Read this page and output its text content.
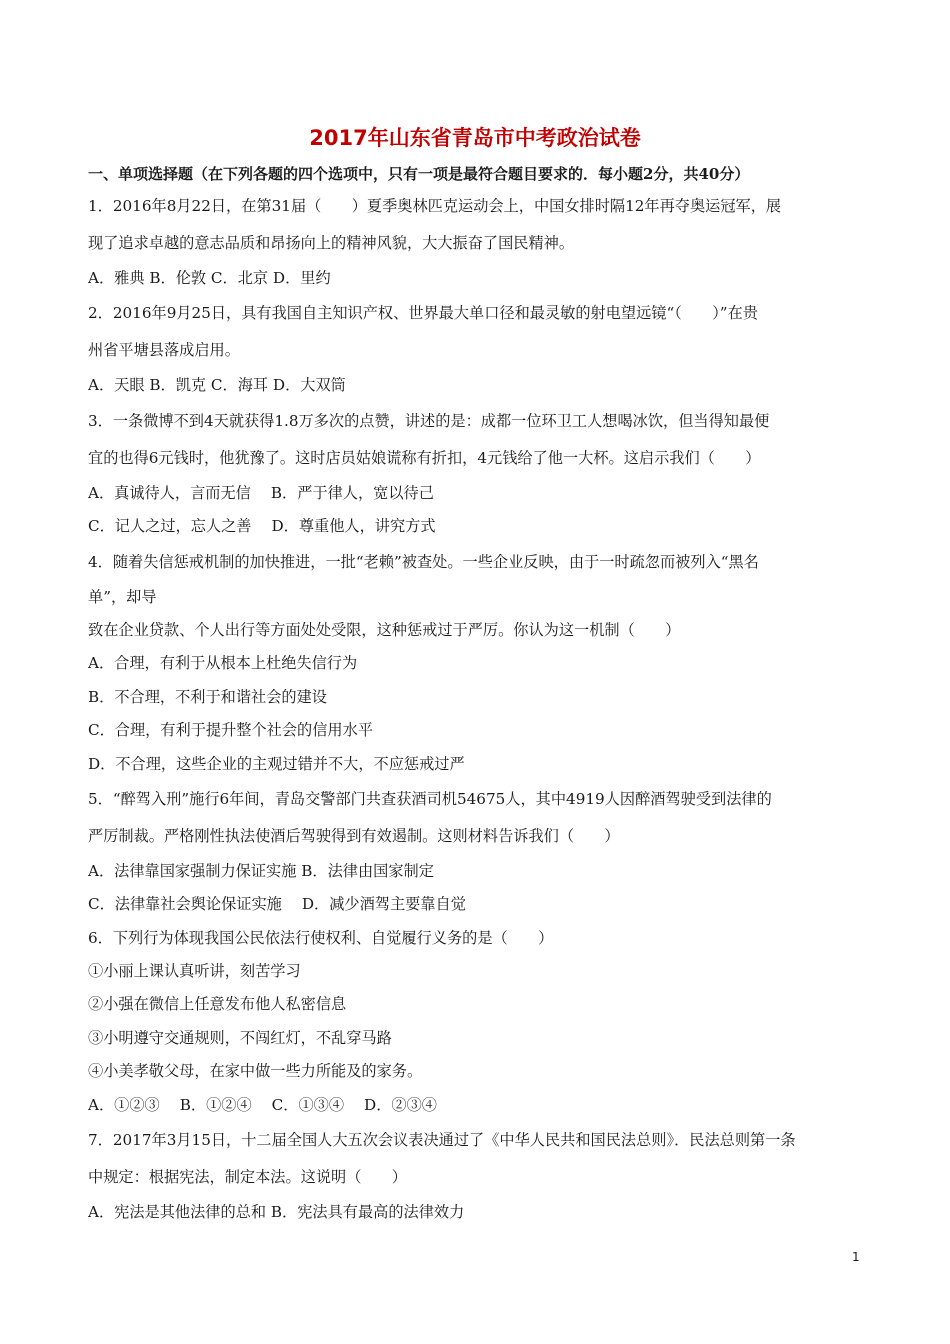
2017年山东省青岛市中考政治试卷
一、单项选择题（在下列各题的四个选项中，只有一项是最符合题目要求的．每小题2分，共40分）
1．2016年8月22日，在第31届（　　）夏季奥林匹克运动会上，中国女排时隔12年再夺奥运冠军，展
现了追求卓越的意志品质和昂扬向上的精神风貌，大大振奋了国民精神。
A．雅典 B．伦敦 C．北京 D．里约
2．2016年9月25日，具有我国自主知识产权、世界最大单口径和最灵敏的射电望远镜“（　　）”在贵
州省平塘县落成启用。
A．天眼 B．凯克 C．海耳 D．大双筒
3．一条微博不到4天就获得1.8万多次的点赞，讲述的是：成都一位环卫工人想喝冰饮，但当得知最便
宜的也得6元钱时，他犹豫了。这时店员姑娘谎称有折扣，4元钱给了他一大杯。这启示我们（　　）
A．真诚待人，言而无信　 B．严于律人，宽以待己
C．记人之过，忘人之善　 D．尊重他人，讲究方式
4．随着失信惩戒机制的加快推进，一批“老赖”被查处。一些企业反映，由于一时疏忽而被列入“黑名
单”，却导
致在企业贷款、个人出行等方面处处受限，这种惩戒过于严厉。你认为这一机制（　　）
A．合理，有利于从根本上杜绝失信行为
B．不合理，不利于和谐社会的建设
C．合理，有利于提升整个社会的信用水平
D．不合理，这些企业的主观过错并不大，不应惩戒过严
5．“醉驾入刑”施行6年间，青岛交警部门共查获酒司机54675人，其中4919人因醉酒驾驶受到法律的
严厉制裁。严格刚性执法使酒后驾驶得到有效遏制。这则材料告诉我们（　　）
A．法律靠国家强制力保证实施 B．法律由国家制定
C．法律靠社会舆论保证实施　 D．减少酒驾主要靠自觉
6．下列行为体现我国公民依法行使权利、自觉履行义务的是（　　）
①小丽上课认真听讲，刻苦学习
②小强在微信上任意发布他人私密信息
③小明遵守交通规则，不闯红灯，不乱穿马路
④小美孝敬父母，在家中做一些力所能及的家务。
A．①②③　 B．①②④　 C．①③④　 D．②③④
7．2017年3月15日，十二届全国人大五次会议表决通过了《中华人民共和国民法总则》．民法总则第一条
中规定：根据宪法，制定本法。这说明（　　）
A．宪法是其他法律的总和 B．宪法具有最高的法律效力
1
